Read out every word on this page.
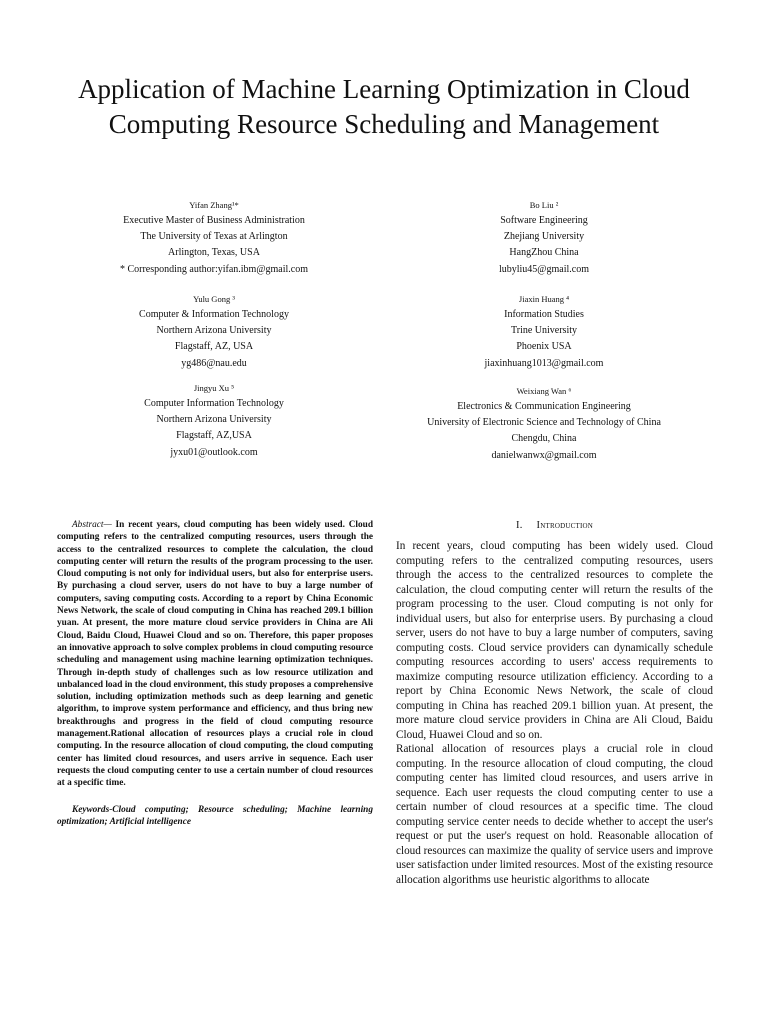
Application of Machine Learning Optimization in Cloud Computing Resource Scheduling and Management
Yifan Zhang¹*
Executive Master of Business Administration
The University of Texas at Arlington
Arlington, Texas, USA
* Corresponding author:yifan.ibm@gmail.com
Bo Liu ²
Software Engineering
Zhejiang University
HangZhou China
lubyliu45@gmail.com
Yulu Gong ³
Computer & Information Technology
Northern Arizona University
Flagstaff, AZ, USA
yg486@nau.edu
Jiaxin Huang ⁴
Information Studies
Trine University
Phoenix USA
jiaxinhuang1013@gmail.com
Jingyu Xu ⁵
Computer Information Technology
Northern Arizona University
Flagstaff, AZ,USA
jyxu01@outlook.com
Weixiang Wan ⁶
Electronics & Communication Engineering
University of Electronic Science and Technology of China
Chengdu, China
danielwanwx@gmail.com

Abstract— In recent years, cloud computing has been widely used. Cloud computing refers to the centralized computing resources, users through the access to the centralized resources to complete the calculation, the cloud computing center will return the results of the program processing to the user. Cloud computing is not only for individual users, but also for enterprise users. By purchasing a cloud server, users do not have to buy a large number of computers, saving computing costs. According to a report by China Economic News Network, the scale of cloud computing in China has reached 209.1 billion yuan. At present, the more mature cloud service providers in China are Ali Cloud, Baidu Cloud, Huawei Cloud and so on. Therefore, this paper proposes an innovative approach to solve complex problems in cloud computing resource scheduling and management using machine learning optimization techniques. Through in-depth study of challenges such as low resource utilization and unbalanced load in the cloud environment, this study proposes a comprehensive solution, including optimization methods such as deep learning and genetic algorithm, to improve system performance and efficiency, and thus bring new breakthroughs and progress in the field of cloud computing resource management.Rational allocation of resources plays a crucial role in cloud computing. In the resource allocation of cloud computing, the cloud computing center has limited cloud resources, and users arrive in sequence. Each user requests the cloud computing center to use a certain number of cloud resources at a specific time.

Keywords-Cloud computing; Resource scheduling; Machine learning optimization; Artificial intelligence

I. Introduction

In recent years, cloud computing has been widely used. Cloud computing refers to the centralized computing resources, users through the access to the centralized resources to complete the calculation, the cloud computing center will return the results of the program processing to the user. Cloud computing is not only for individual users, but also for enterprise users. By purchasing a cloud server, users do not have to buy a large number of computers, saving computing costs. Cloud service providers can dynamically schedule computing resources according to users' access requirements to maximize computing resource utilization efficiency. According to a report by China Economic News Network, the scale of cloud computing in China has reached 209.1 billion yuan. At present, the more mature cloud service providers in China are Ali Cloud, Baidu Cloud, Huawei Cloud and so on.

Rational allocation of resources plays a crucial role in cloud computing. In the resource allocation of cloud computing, the cloud computing center has limited cloud resources, and users arrive in sequence. Each user requests the cloud computing center to use a certain number of cloud resources at a specific time. The cloud computing service center needs to decide whether to accept the user's request or put the user's request on hold. Reasonable allocation of cloud resources can maximize the quality of service users and improve user satisfaction under limited resources. Most of the existing resource allocation algorithms use heuristic algorithms to allocate
